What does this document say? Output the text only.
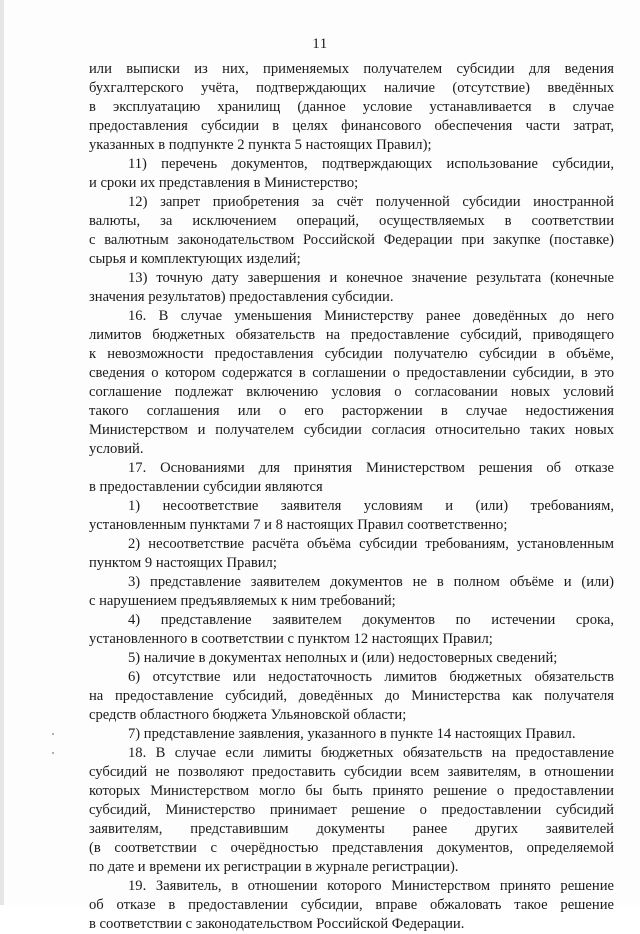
11
или выписки из них, применяемых получателем субсидии для ведения
бухгалтерского учёта, подтверждающих наличие (отсутствие) введённых
в эксплуатацию хранилищ (данное условие устанавливается в случае
предоставления субсидии в целях финансового обеспечения части затрат,
указанных в подпункте 2 пункта 5 настоящих Правил);
11) перечень документов, подтверждающих использование субсидии,
и сроки их представления в Министерство;
12) запрет приобретения за счёт полученной субсидии иностранной
валюты, за исключением операций, осуществляемых в соответствии
с валютным законодательством Российской Федерации при закупке (поставке)
сырья и комплектующих изделий;
13) точную дату завершения и конечное значение результата (конечные
значения результатов) предоставления субсидии.
16. В случае уменьшения Министерству ранее доведённых до него
лимитов бюджетных обязательств на предоставление субсидий, приводящего
к невозможности предоставления субсидии получателю субсидии в объёме,
сведения о котором содержатся в соглашении о предоставлении субсидии, в это
соглашение подлежат включению условия о согласовании новых условий
такого соглашения или о его расторжении в случае недостижения
Министерством и получателем субсидии согласия относительно таких новых
условий.
17. Основаниями для принятия Министерством решения об отказе
в предоставлении субсидии являются
1) несоответствие заявителя условиям и (или) требованиям,
установленным пунктами 7 и 8 настоящих Правил соответственно;
2) несоответствие расчёта объёма субсидии требованиям, установленным
пунктом 9 настоящих Правил;
3) представление заявителем документов не в полном объёме и (или)
с нарушением предъявляемых к ним требований;
4) представление заявителем документов по истечении срока,
установленного в соответствии с пунктом 12 настоящих Правил;
5) наличие в документах неполных и (или) недостоверных сведений;
6) отсутствие или недостаточность лимитов бюджетных обязательств
на предоставление субсидий, доведённых до Министерства как получателя
средств областного бюджета Ульяновской области;
7) представление заявления, указанного в пункте 14 настоящих Правил.
18. В случае если лимиты бюджетных обязательств на предоставление
субсидий не позволяют предоставить субсидии всем заявителям, в отношении
которых Министерством могло бы быть принято решение о предоставлении
субсидий, Министерство принимает решение о предоставлении субсидий
заявителям, представившим документы ранее других заявителей
(в соответствии с очерёдностью представления документов, определяемой
по дате и времени их регистрации в журнале регистрации).
19. Заявитель, в отношении которого Министерством принято решение
об отказе в предоставлении субсидии, вправе обжаловать такое решение
в соответствии с законодательством Российской Федерации.
